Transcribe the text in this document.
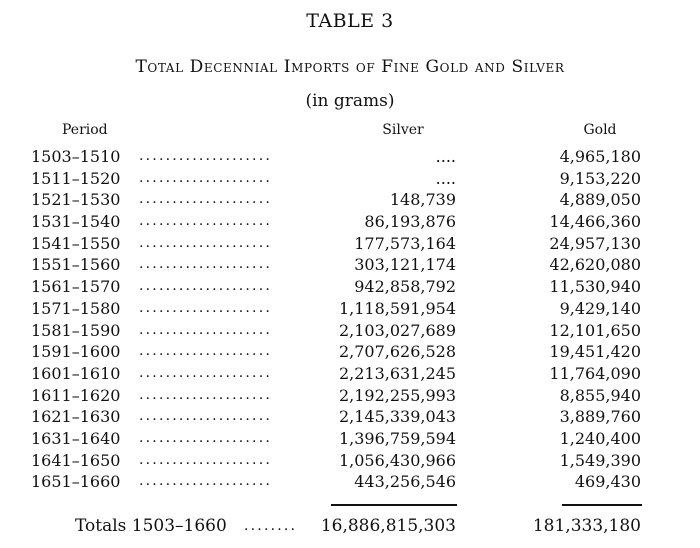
TABLE 3
Total Decennial Imports of Fine Gold and Silver
(in grams)
Period	Silver	Gold
1503–1510	....................	....	4,965,180
1511–1520	....................	....	9,153,220
1521–1530	....................	148,739	4,889,050
1531–1540	....................	86,193,876	14,466,360
1541–1550	....................	177,573,164	24,957,130
1551–1560	....................	303,121,174	42,620,080
1561–1570	....................	942,858,792	11,530,940
1571–1580	....................	1,118,591,954	9,429,140
1581–1590	....................	2,103,027,689	12,101,650
1591–1600	....................	2,707,626,528	19,451,420
1601–1610	....................	2,213,631,245	11,764,090
1611–1620	....................	2,192,255,993	8,855,940
1621–1630	....................	2,145,339,043	3,889,760
1631–1640	....................	1,396,759,594	1,240,400
1641–1650	....................	1,056,430,966	1,549,390
1651–1660	....................	443,256,546	469,430
Totals 1503–1660 ........	16,886,815,303	181,333,180
